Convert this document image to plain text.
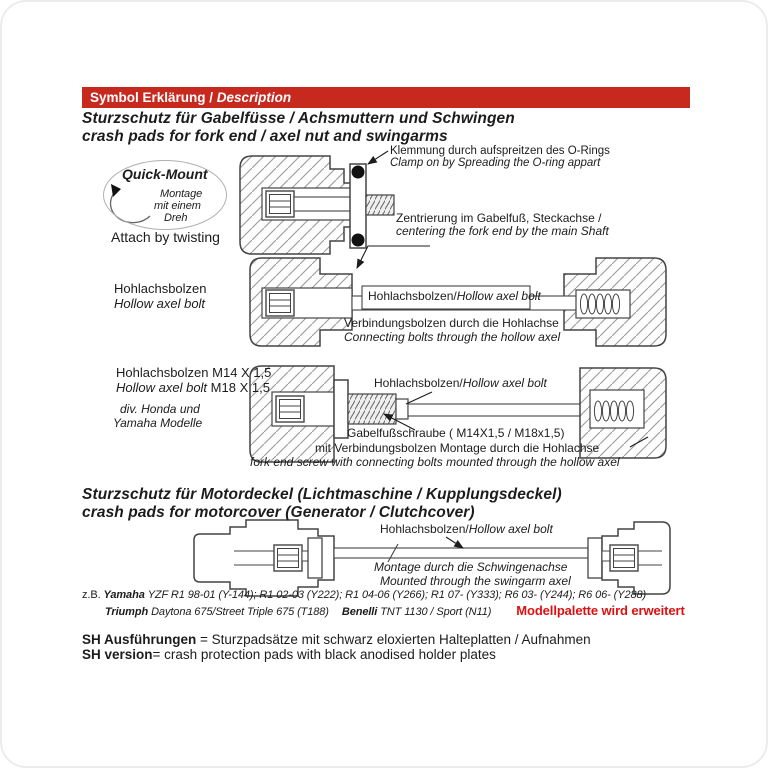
Symbol Erklärung / Description
Sturzschutz für Gabelfüsse / Achsmuttern und Schwingen
crash pads for fork end / axel nut and swingarms
Klemmung durch aufspreitzen des O-Rings
Clamp on by Spreading the O-ring appart
Quick-Mount
Montage
mit einem
Dreh
Attach by twisting
Zentrierung im Gabelfuß, Steckachse /
centering the fork end by the main Shaft
Hohlachsbolzen
Hollow axel bolt	Hohlachsbolzen/Hollow axel bolt
Verbindungsbolzen durch die Hohlachse
Connecting bolts through the hollow axel
Hohlachsbolzen M14 X 1,5
Hollow axel bolt M18 X 1,5
div. Honda und
Yamaha Modelle
Hohlachsbolzen/Hollow axel bolt
Gabelfußschraube ( M14X1,5 / M18x1,5)
mit Verbindungsbolzen Montage durch die Hohlachse
fork end screw with connecting bolts mounted through the hollow axel
Sturzschutz für Motordeckel (Lichtmaschine / Kupplungsdeckel)
crash pads for motorcover (Generator / Clutchcover)
Hohlachsbolzen/Hollow axel bolt
Montage durch die Schwingenachse
Mounted through the swingarm axel
z.B. Yamaha YZF R1 98-01 (Y-144); R1 02-03 (Y222); R1 04-06 (Y266); R1 07- (Y333); R6 03- (Y244); R6 06- (Y288)
Triumph Daytona 675/Street Triple 675 (T188) Benelli TNT 1130 / Sport (N11) Modellpalette wird erweitert
SH Ausführungen = Sturzpadsätze mit schwarz eloxierten Halteplatten / Aufnahmen
SH version= crash protection pads with black anodised holder plates
